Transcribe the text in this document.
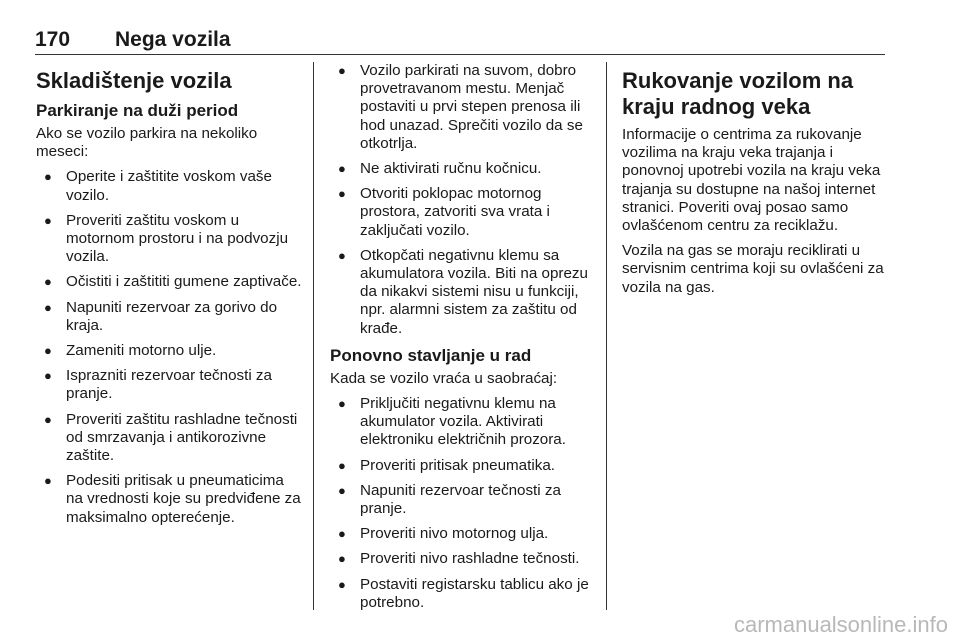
170 Nega vozila
Skladištenje vozila
Parkiranje na duži period

Ako se vozilo parkira na nekoliko meseci:

● Operite i zaštitite voskom vaše vozilo.
● Proveriti zaštitu voskom u motornom prostoru i na podvozju vozila.
● Očistiti i zaštititi gumene zaptivače.
● Napuniti rezervoar za gorivo do kraja.
● Zameniti motorno ulje.
● Isprazniti rezervoar tečnosti za pranje.
● Proveriti zaštitu rashladne tečnosti od smrzavanja i antikorozivne zaštite.
● Podesiti pritisak u pneumaticima na vrednosti koje su predviđene za maksimalno opterećenje.
● Vozilo parkirati na suvom, dobro provetravanom mestu. Menjač postaviti u prvi stepen prenosa ili hod unazad. Sprečiti vozilo da se otkotrlja.
● Ne aktivirati ručnu kočnicu.
● Otvoriti poklopac motornog prostora, zatvoriti sva vrata i zaključati vozilo.
● Otkopčati negativnu klemu sa akumulatora vozila. Biti na oprezu da nikakvi sistemi nisu u funkciji, npr. alarmni sistem za zaštitu od krađe.
Ponovno stavljanje u rad

Kada se vozilo vraća u saobraćaj:

● Priključiti negativnu klemu na akumulator vozila. Aktivirati elektroniku električnih prozora.
● Proveriti pritisak pneumatika.
● Napuniti rezervoar tečnosti za pranje.
● Proveriti nivo motornog ulja.
● Proveriti nivo rashladne tečnosti.
● Postaviti registarsku tablicu ako je potrebno.
Rukovanje vozilom na kraju radnog veka

Informacije o centrima za rukovanje vozilima na kraju veka trajanja i ponovnoj upotrebi vozila na kraju veka trajanja su dostupne na našoj internet stranici. Poveriti ovaj posao samo ovlašćenom centru za reciklažu.

Vozila na gas se moraju reciklirati u servisnim centrima koji su ovlašćeni za vozila na gas.

carmanualsonline.info
